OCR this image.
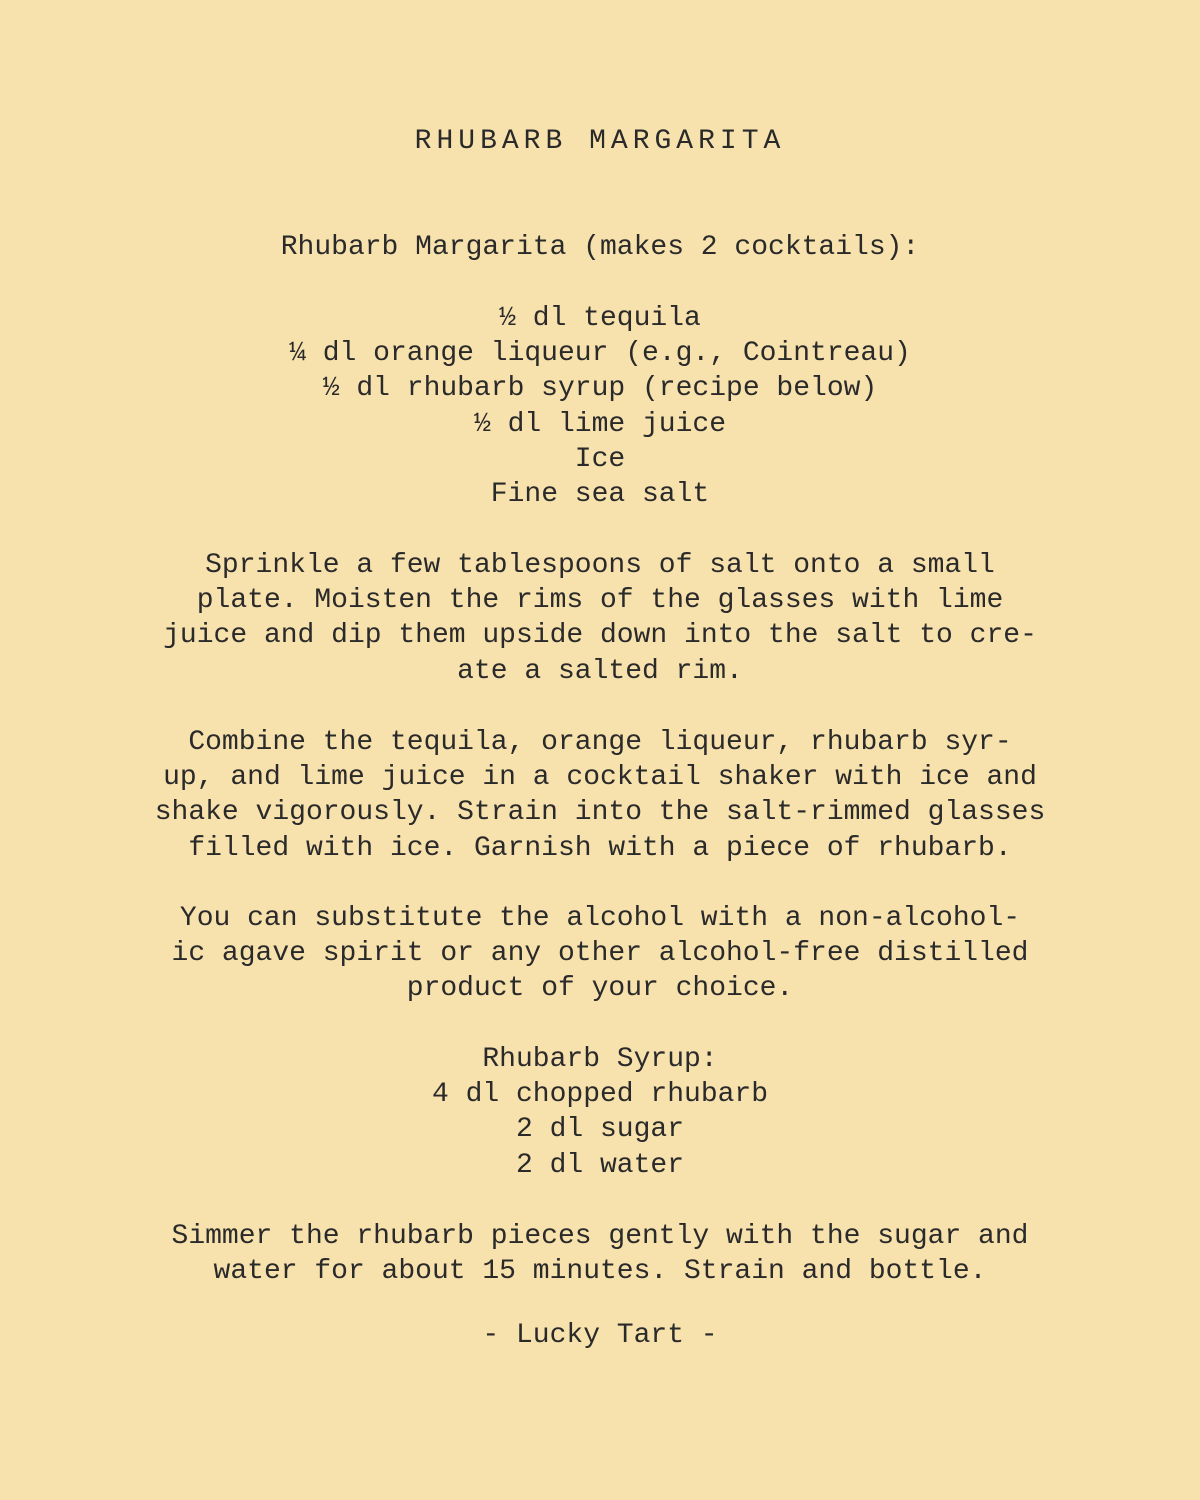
RHUBARB MARGARITA
Rhubarb Margarita (makes 2 cocktails):
½ dl tequila
¼ dl orange liqueur (e.g., Cointreau)
½ dl rhubarb syrup (recipe below)
½ dl lime juice
Ice
Fine sea salt
Sprinkle a few tablespoons of salt onto a small
plate. Moisten the rims of the glasses with lime
juice and dip them upside down into the salt to cre-
ate a salted rim.
Combine the tequila, orange liqueur, rhubarb syr-
up, and lime juice in a cocktail shaker with ice and
shake vigorously. Strain into the salt-rimmed glasses
filled with ice. Garnish with a piece of rhubarb.
You can substitute the alcohol with a non-alcohol-
ic agave spirit or any other alcohol-free distilled
product of your choice.
Rhubarb Syrup:
4 dl chopped rhubarb
2 dl sugar
2 dl water
Simmer the rhubarb pieces gently with the sugar and
water for about 15 minutes. Strain and bottle.
- Lucky Tart -
